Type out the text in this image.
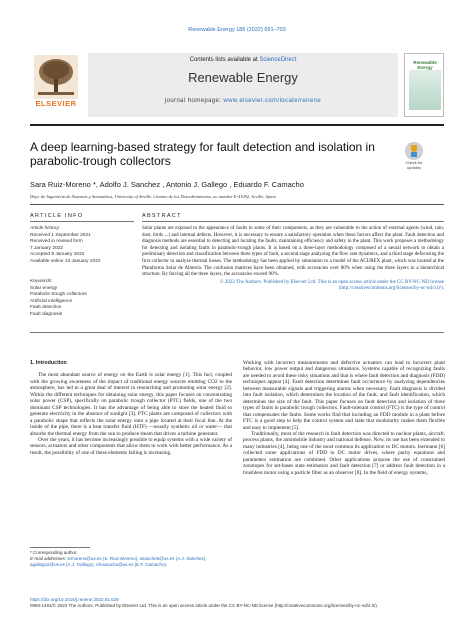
Renewable Energy 186 (2022) 691–703
ELSEVIER
Contents lists available at ScienceDirect
Renewable Energy
journal homepage: www.elsevier.com/locate/renene
Renewable Energy
A deep learning-based strategy for fault detection and isolation in parabolic-trough collectors	Check for updates
Sara Ruiz-Moreno *, Adolfo J. Sanchez , Antonio J. Gallego , Eduardo F. Camacho
Dept. de Ingeniería de Sistemas y Automática, University of Seville, Camino de los Descubrimientos, no number E-41092, Seville, Spain
ARTICLE INFO	ABSTRACT
Article history:
Received 1 September 2021
Received in revised form
7 January 2022
Accepted 9 January 2022
Available online 13 January 2022
Keywords:
Solar energy
Parabolic-trough collectors
Artificial intelligence
Fault detection
Fault diagnosis
Solar plants are exposed to the appearance of faults in some of their components, as they are vulnerable to the action of external agents (wind, rain, dust, birds ...) and internal defects. However, it is necessary to ensure a satisfactory operation when these factors affect the plant. Fault detection and diagnosis methods are essential to detecting and locating the faults, maintaining efficiency and safety in the plant. This work proposes a methodology for detecting and isolating faults in parabolic-trough plants. It is based on a three-layer methodology composed of a neural network to obtain a preliminary detection and classification between three types of fault, a second stage analyzing the flow rate dynamics, and a third stage defocusing the first collector to analyze thermal losses. The methodology has been applied by simulation to a model of the ACUREX plant, which was located at the Plataforma Solar de Almería. The confusion matrices have been obtained, with accuracies over 80% when using the three layers in a hierarchical structure. By forcing all the three layers, the accuracies exceed 90%.
© 2022 The Authors. Published by Elsevier Ltd. This is an open access article under the CC BY-NC-ND license (http://creativecommons.org/licenses/by-nc-nd/4.0/).
1. Introduction

The most abundant source of energy on the Earth is solar energy [1]. This fact, coupled with the growing awareness of the impact of traditional energy sources emitting CO2 to the atmosphere, has led to a great deal of interest in researching and promoting solar energy [2]. Within the different techniques for obtaining solar energy, this paper focuses on concentrating solar power (CSP), specifically on parabolic trough collector (PTC) fields, one of the two dominant CSP technologies. It has the advantage of being able to store the heated fluid to generate electricity in the absence of sunlight [3]. PTC plants are composed of collectors with a parabolic shape that reflects the solar energy onto a pipe located at their focal line. At the inside of the pipe, there is a heat transfer fluid (HTF) —usually synthetic oil or water— that absorbs the thermal energy from the sun to produce steam that drives a turbine generator.

Over the years, it has become increasingly possible to equip systems with a wide variety of sensors, actuators and other components that allow them to work with better performance. As a result, the possibility of one of these elements failing is increasing.

Working with incorrect measurements and defective actuators can lead to incorrect plant behavior, low power output and dangerous situations. Systems capable of recognizing faults are needed to avoid these risky situations and that is where fault detection and diagnosis (FDD) techniques appear [4]. Fault detection determines fault occurrence by analyzing dependencies between measurable signals and triggering alarms when necessary. Fault diagnosis is divided into fault isolation, which determines the location of the fault, and fault identification, which determines the size of the fault. This paper focuses on fault detection and isolation of three types of faults in parabolic trough collectors. Fault-tolerant control (FTC) is the type of control that compensates the faults. Some works find that including an FDD module in a plant before FTC is a good step to help the control system and state that modularity makes them flexible and easy to implement [5].

Traditionally, most of the research in fault detection was directed to nuclear plants, aircraft, process plants, the automobile industry and national defense. Now, its use has been extended to many industries [4], being one of the most common its application to DC motors. Isermann [6] collected some applications of FDD to DC motor drives, where parity equations and parameters estimation are combined. Other applications propose the use of constrained zonotopes for set-bases state estimators and fault detection [7] or address fault detection in a brushless motor using a particle filter as an observer [8]. In the field of energy systems,

* Corresponding author.
E-mail addresses: srmoreno@us.es (S. Ruiz-Moreno), asanche6@us.es (A.J. Sanchez), agallego2@us.es (A.J. Gallego), efcamacho@us.es (E.F. Camacho).
https://doi.org/10.1016/j.renene.2022.01.029
0960-1481/© 2022 The Authors. Published by Elsevier Ltd. This is an open access article under the CC BY-NC-ND license (http://creativecommons.org/licenses/by-nc-nd/4.0/).
